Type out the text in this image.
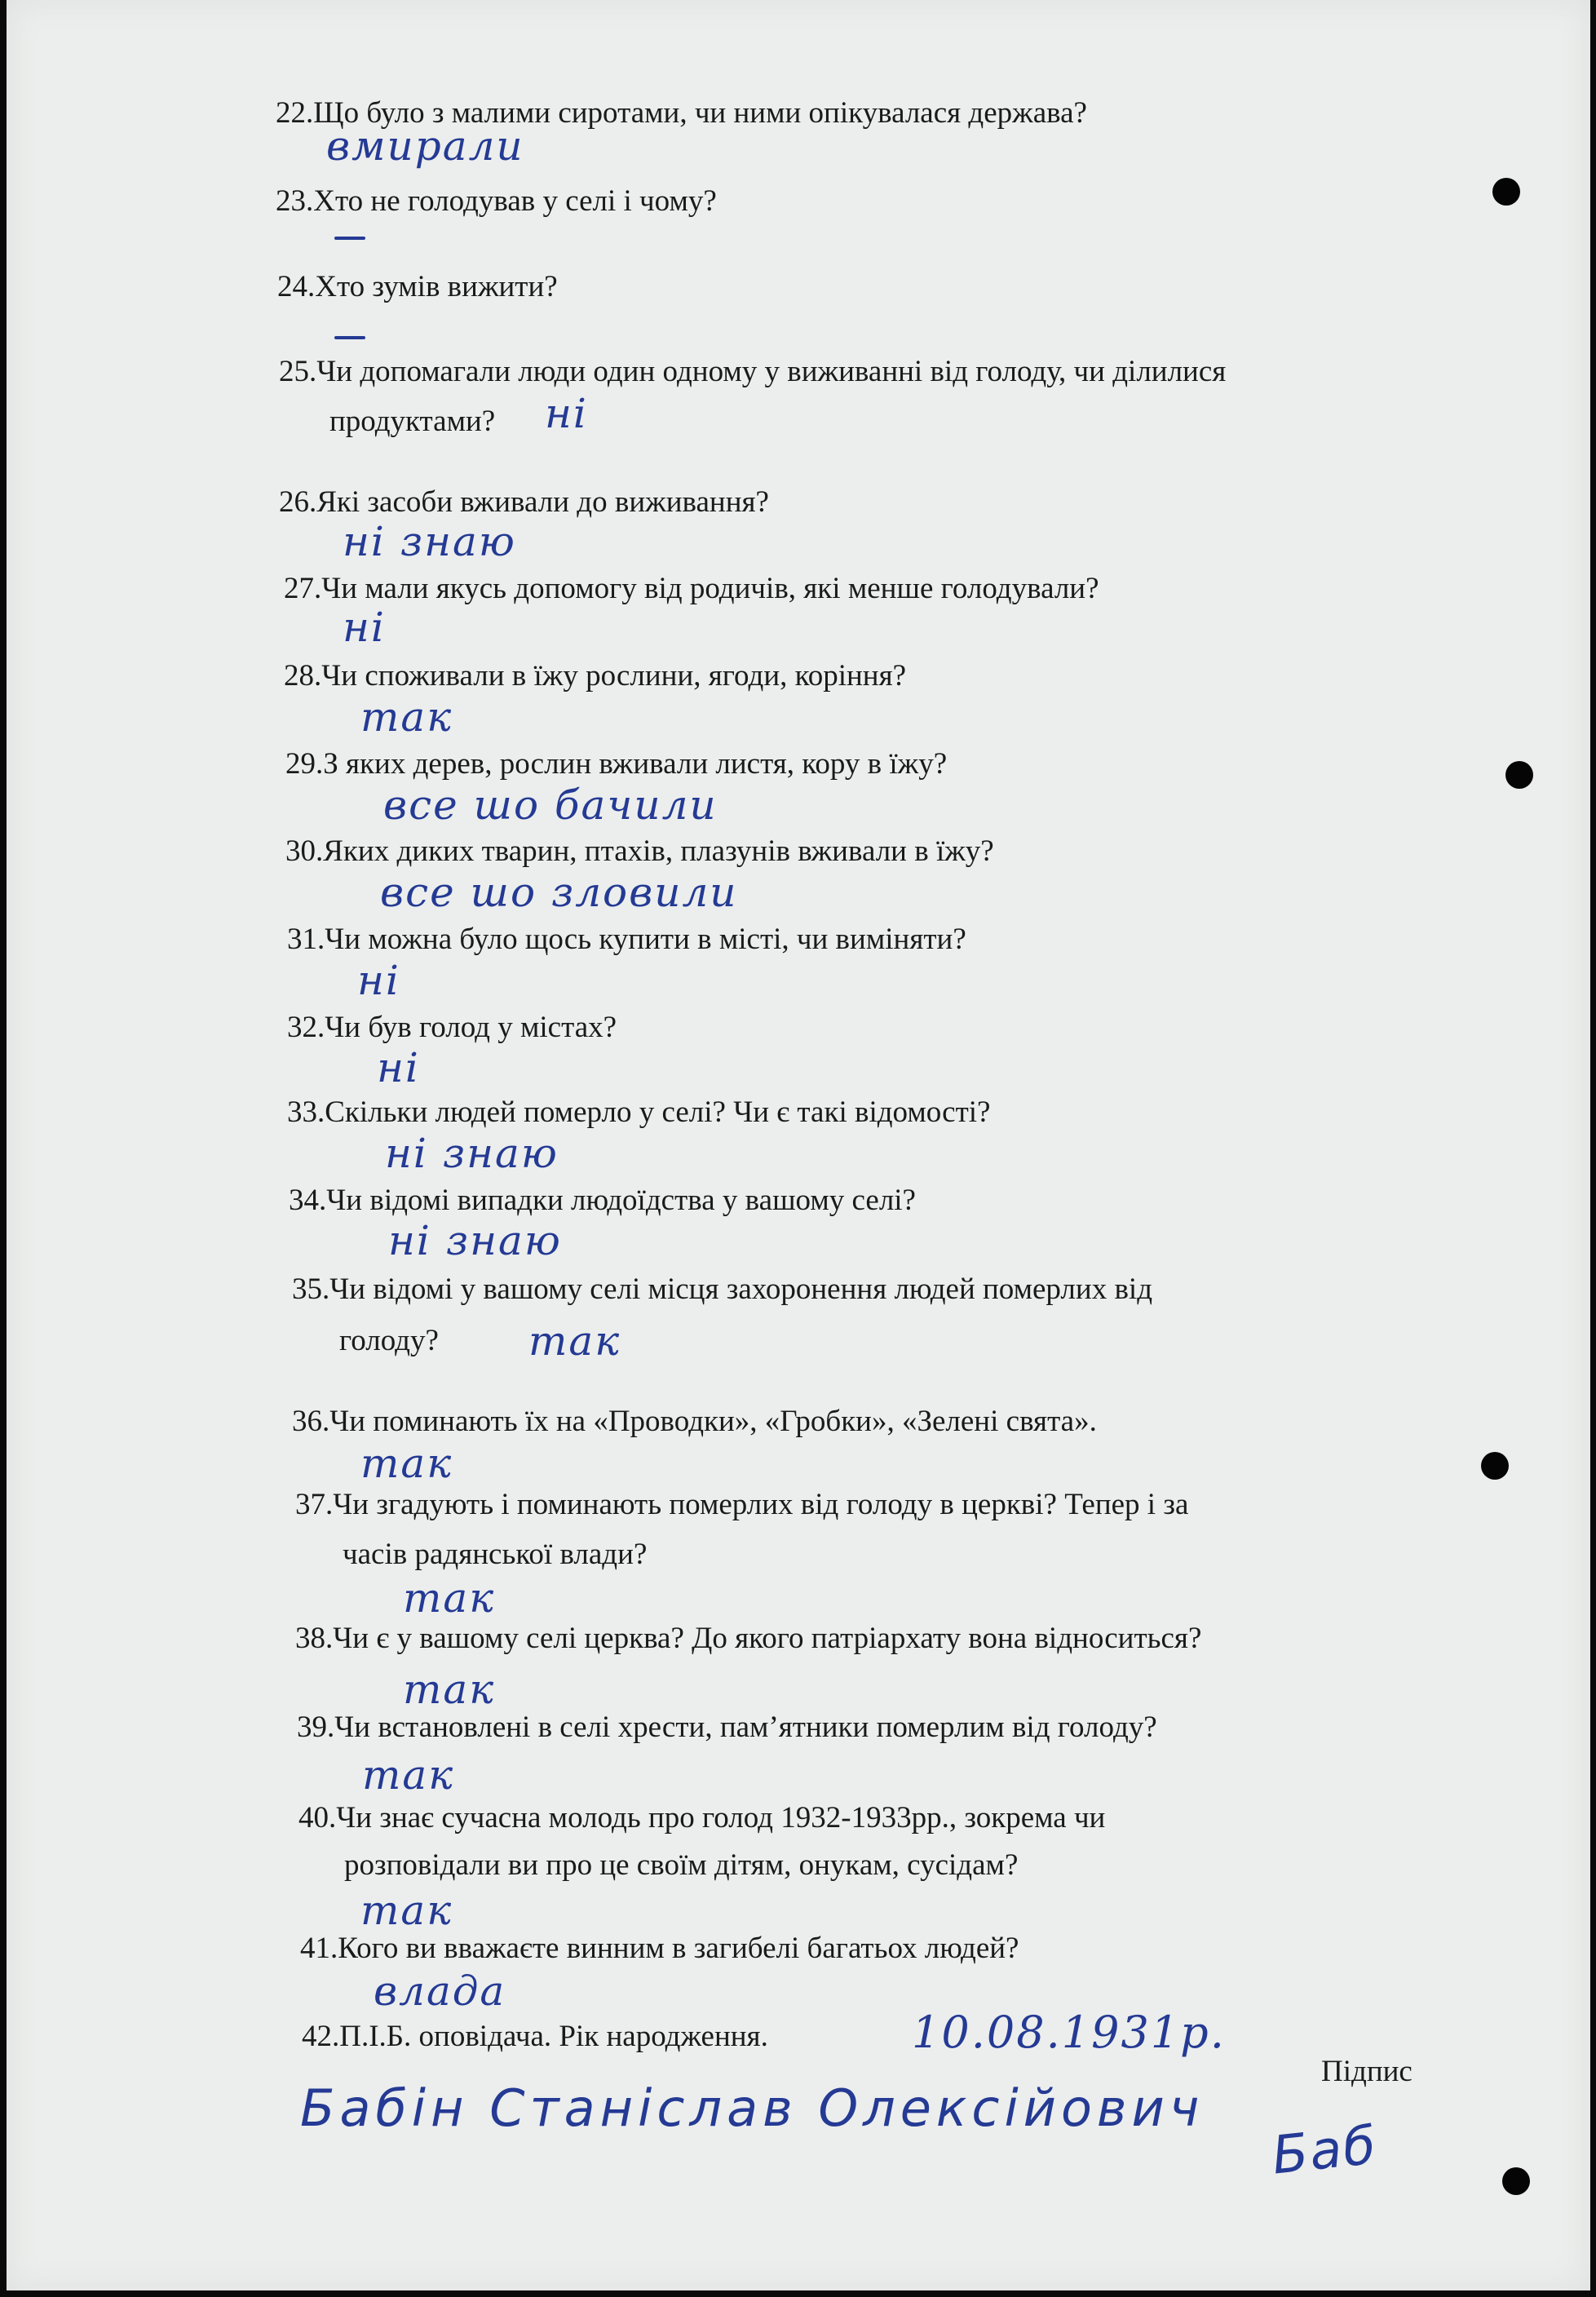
22.Що було з малими сиротами, чи ними опікувалася держава?
вмирали
23.Хто не голодував у селі і чому?
24.Хто зумів вижити?
25.Чи допомагали люди один одному у виживанні від голоду, чи ділилися
продуктами? ні
26.Які засоби вживали до виживання?
ні знаю
27.Чи мали якусь допомогу від родичів, які менше голодували?
ні
28.Чи споживали в їжу рослини, ягоди, коріння?
так
29.З яких дерев, рослин вживали листя, кору в їжу?
все шо бачили
30.Яких диких тварин, птахів, плазунів вживали в їжу?
все шо зловили
31.Чи можна було щось купити в місті, чи виміняти?
ні
32.Чи був голод у містах?
ні
33.Скільки людей померло у селі? Чи є такі відомості?
ні знаю
34.Чи відомі випадки людоїдства у вашому селі?
ні знаю
35.Чи відомі у вашому селі місця захоронення людей померлих від
голоду? так
36.Чи поминають їх на «Проводки», «Гробки», «Зелені свята».
так
37.Чи згадують і поминають померлих від голоду в церкві? Тепер і за
часів радянської влади?
так
38.Чи є у вашому селі церква? До якого патріархату вона відноситься?
так
39.Чи встановлені в селі хрести, пам’ятники померлим від голоду?
так
40.Чи знає сучасна молодь про голод 1932-1933рр., зокрема чи
розповідали ви про це своїм дітям, онукам, сусідам?
так
41.Кого ви вважаєте винним в загибелі багатьох людей?
влада
42.П.І.Б. оповідача. Рік народження.	10.08.1931р.
Підпис
Бабін Станіслав Олексійович
Баб
